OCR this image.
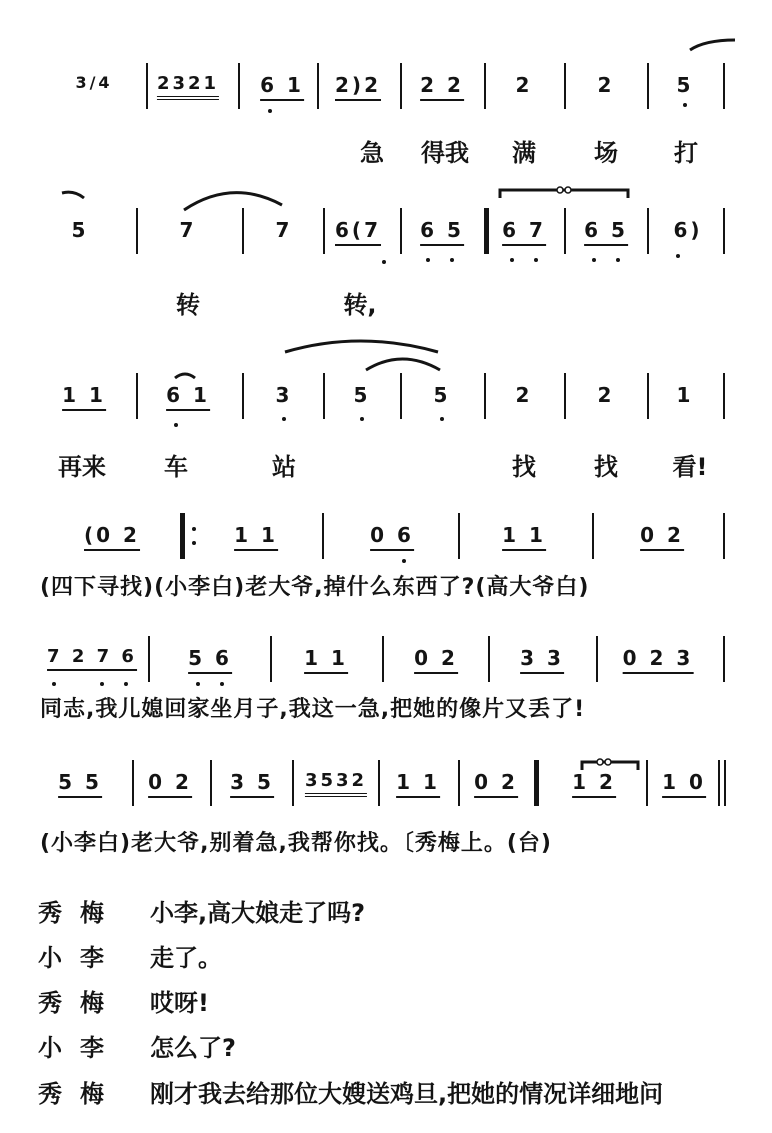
3/4 2321 6 1 2)2 2 2	2	2	5
急 得我 满 场 打
5	7	7 6(7 6 5 6 7 6 5 6)
转	转,
1 1	6 1	3	5	5	2	2	1
再来 车	站	找 找 看!
(0 2	1 1	0 6	1 1	0 2
(四下寻找)(小李白)老大爷,掉什么东西了?(高大爷白)
7 2 7 6	5 6	1 1	0 2	3 3	0 2 3
同志,我儿媳回家坐月子,我这一急,把她的像片又丢了!
5 5 0 2 3 5 3532 1 1 0 2	1 2 1 0
(小李白)老大爷,别着急,我帮你找。〔秀梅上。(台)
秀梅 小李,高大娘走了吗?
小李 走了。
秀梅 哎呀!
小李 怎么了?
秀梅 刚才我去给那位大嫂送鸡旦,把她的情况详细地问
